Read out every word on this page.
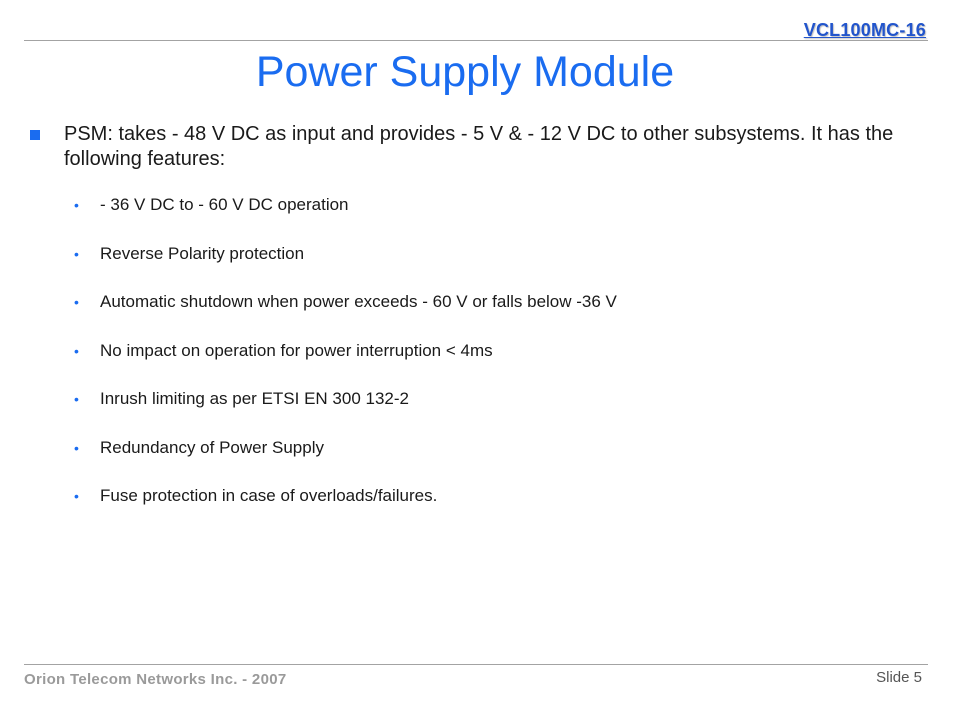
VCL100MC-16
Power Supply Module
PSM: takes - 48 V DC as input and provides - 5 V & - 12 V DC to other subsystems. It has the following features:
•	- 36 V DC to - 60 V DC operation
•	Reverse Polarity protection
•	Automatic shutdown when power exceeds - 60 V or falls below -36 V
•	No impact on operation for power interruption < 4ms
•	Inrush limiting as per ETSI EN 300 132-2
•	Redundancy of Power Supply
•	Fuse protection in case of overloads/failures.
Orion Telecom Networks Inc. - 2007	Slide 5
